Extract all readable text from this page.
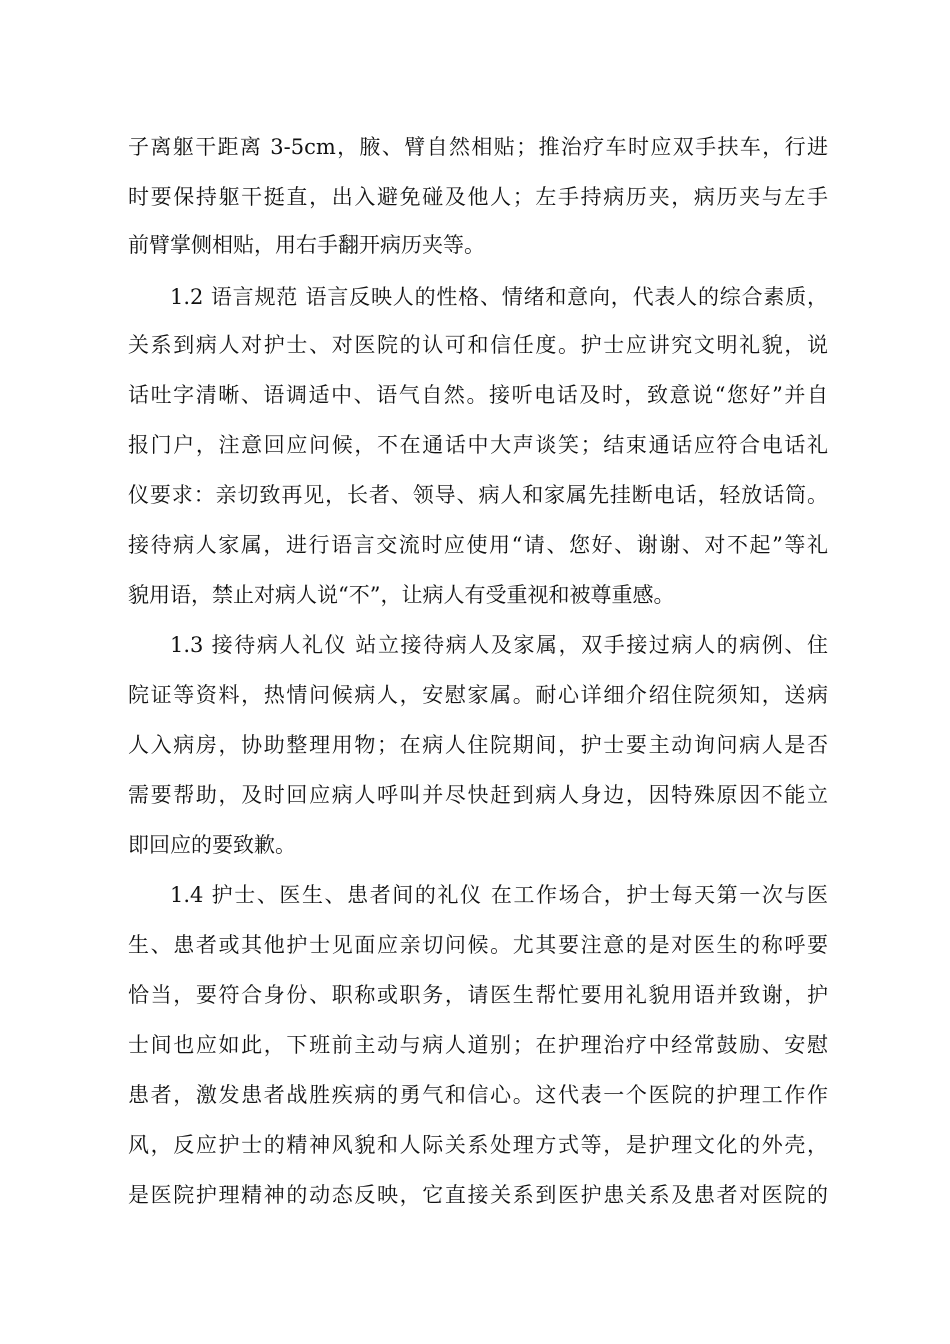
子离躯干距离 3-5cm，腋、臂自然相贴；推治疗车时应双手扶车，行进
时要保持躯干挺直，出入避免碰及他人；左手持病历夹，病历夹与左手
前臂掌侧相贴，用右手翻开病历夹等。
1.2 语言规范 语言反映人的性格、情绪和意向，代表人的综合素质，
关系到病人对护士、对医院的认可和信任度。护士应讲究文明礼貌，说
话吐字清晰、语调适中、语气自然。接听电话及时，致意说“您好”并自
报门户，注意回应问候，不在通话中大声谈笑；结束通话应符合电话礼
仪要求：亲切致再见，长者、领导、病人和家属先挂断电话，轻放话筒。
接待病人家属，进行语言交流时应使用“请、您好、谢谢、对不起”等礼
貌用语，禁止对病人说“不”，让病人有受重视和被尊重感。
1.3 接待病人礼仪 站立接待病人及家属，双手接过病人的病例、住
院证等资料，热情问候病人，安慰家属。耐心详细介绍住院须知，送病
人入病房，协助整理用物；在病人住院期间，护士要主动询问病人是否
需要帮助，及时回应病人呼叫并尽快赶到病人身边，因特殊原因不能立
即回应的要致歉。
1.4 护士、医生、患者间的礼仪 在工作场合，护士每天第一次与医
生、患者或其他护士见面应亲切问候。尤其要注意的是对医生的称呼要
恰当，要符合身份、职称或职务，请医生帮忙要用礼貌用语并致谢，护
士间也应如此，下班前主动与病人道别；在护理治疗中经常鼓励、安慰
患者，激发患者战胜疾病的勇气和信心。这代表一个医院的护理工作作
风，反应护士的精神风貌和人际关系处理方式等，是护理文化的外壳，
是医院护理精神的动态反映，它直接关系到医护患关系及患者对医院的
